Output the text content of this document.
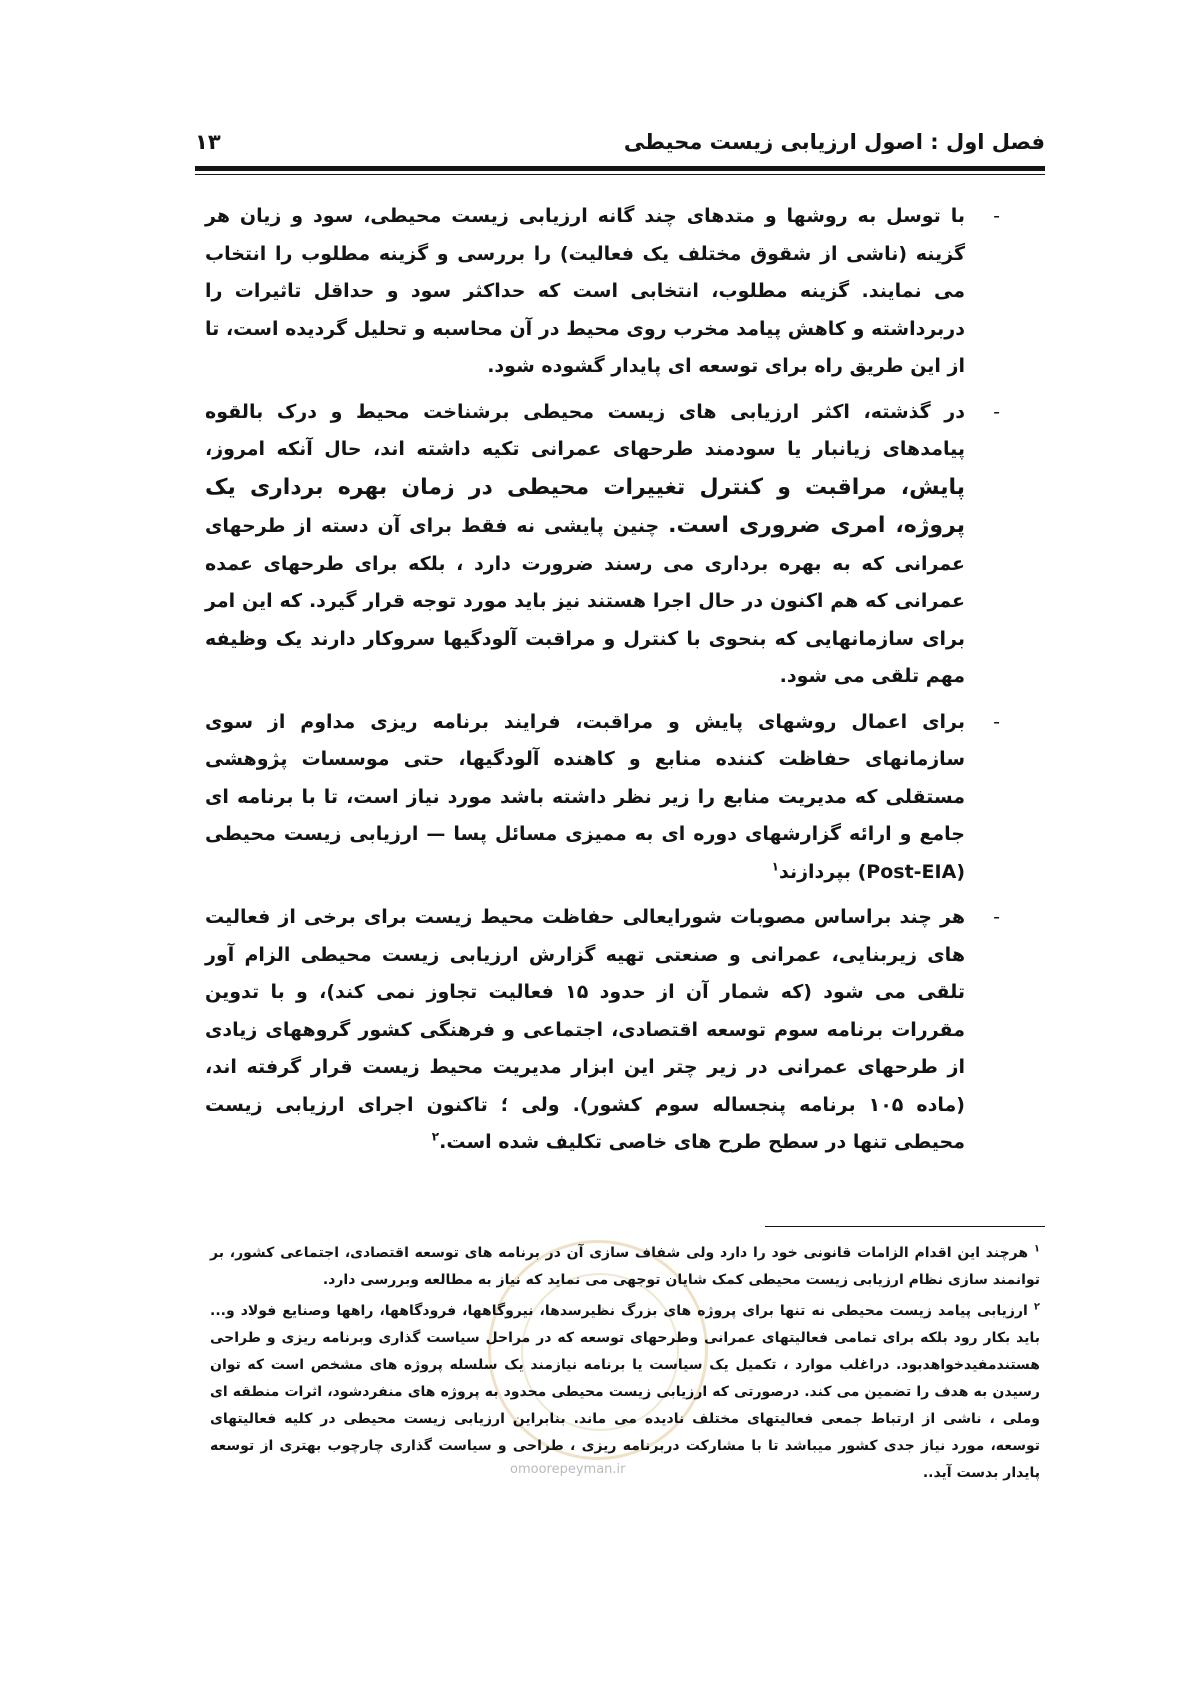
فصل اول : اصول ارزیابی زیست محیطی
۱۳
-

با توسل به روشها و متدهای چند گانه ارزیابی زیست محیطی، سود و زیان هر گزینه (ناشی از شقوق مختلف یک فعالیت) را بررسی و گزینه مطلوب را انتخاب می نمایند. گزینه مطلوب، انتخابی است که حداکثر سود و حداقل تاثیرات را دربرداشته و کاهش پیامد مخرب روی محیط در آن محاسبه و تحلیل گردیده است، تا از این طریق راه برای توسعه ای پایدار گشوده شود.

-

در گذشته، اکثر ارزیابی های زیست محیطی برشناخت محیط و درک بالقوه پیامدهای زیانبار یا سودمند طرحهای عمرانی تکیه داشته اند، حال آنکه امروز، پایش، مراقبت و کنترل تغییرات محیطی در زمان بهره برداری یک پروژه، امری ضروری است. چنین پایشی نه فقط برای آن دسته از طرحهای عمرانی که به بهره برداری می رسند ضرورت دارد ، بلکه برای طرحهای عمده عمرانی که هم اکنون در حال اجرا هستند نیز باید مورد توجه قرار گیرد. که این امر برای سازمانهایی که بنحوی با کنترل و مراقبت آلودگیها سروکار دارند یک وظیفه مهم تلقی می شود.

-

برای اعمال روشهای پایش و مراقبت، فرایند برنامه ریزی مداوم از سوی سازمانهای حفاظت کننده منابع و کاهنده آلودگیها، حتی موسسات پژوهشی مستقلی که مدیریت منابع را زیر نظر داشته باشد مورد نیاز است، تا با برنامه ای جامع و ارائه گزارشهای دوره ای به ممیزی مسائل پسا — ارزیابی زیست محیطی (Post-EIA) بپردازند$^۱$

-

هر چند براساس مصوبات شورایعالی حفاظت محیط زیست برای برخی از فعالیت های زیربنایی، عمرانی و صنعتی تهیه گزارش ارزیابی زیست محیطی الزام آور تلقی می شود (که شمار آن از حدود ۱۵ فعالیت تجاوز نمی کند)، و با تدوین مقررات برنامه سوم توسعه اقتصادی، اجتماعی و فرهنگی کشور گروههای زیادی از طرحهای عمرانی در زیر چتر این ابزار مدیریت محیط زیست قرار گرفته اند، (ماده ۱۰۵ برنامه پنجساله سوم کشور). ولی ؛ تاکنون اجرای ارزیابی زیست محیطی تنها در سطح طرح های خاصی تکلیف شده است.$^۲$

$^۱$ هرچند این اقدام الزامات قانونی خود را دارد ولی شفاف سازی آن در برنامه های توسعه اقتصادی، اجتماعی کشور، بر توانمند سازی نظام ارزیابی زیست محیطی کمک شایان توجهی می نماید که نیاز به مطالعه وبررسی دارد.

$^۲$ ارزیابی پیامد زیست محیطی نه تنها برای پروژه های بزرگ نظیرسدها، نیروگاهها، فرودگاهها، راهها وصنایع فولاد و... باید بکار رود بلکه برای تمامی فعالیتهای عمرانی وطرحهای توسعه که در مراحل سیاست گذاری وبرنامه ریزی و طراحی هستندمفیدخواهدبود. دراغلب موارد ، تکمیل یک سیاست یا برنامه نیازمند یک سلسله پروژه های مشخص است که توان رسیدن به هدف را تضمین می کند. درصورتی که ارزیابی زیست محیطی محدود به پروژه های منفردشود، اثرات منطقه ای وملی ، ناشی از ارتباط جمعی فعالیتهای مختلف نادیده می ماند. بنابراین ارزیابی زیست محیطی در کلیه فعالیتهای توسعه، مورد نیاز جدی کشور میباشد تا با مشارکت دربرنامه ریزی ، طراحی و سیاست گذاری چارچوب بهتری از توسعه پایدار بدست آید..

omoorepeyman.ir
